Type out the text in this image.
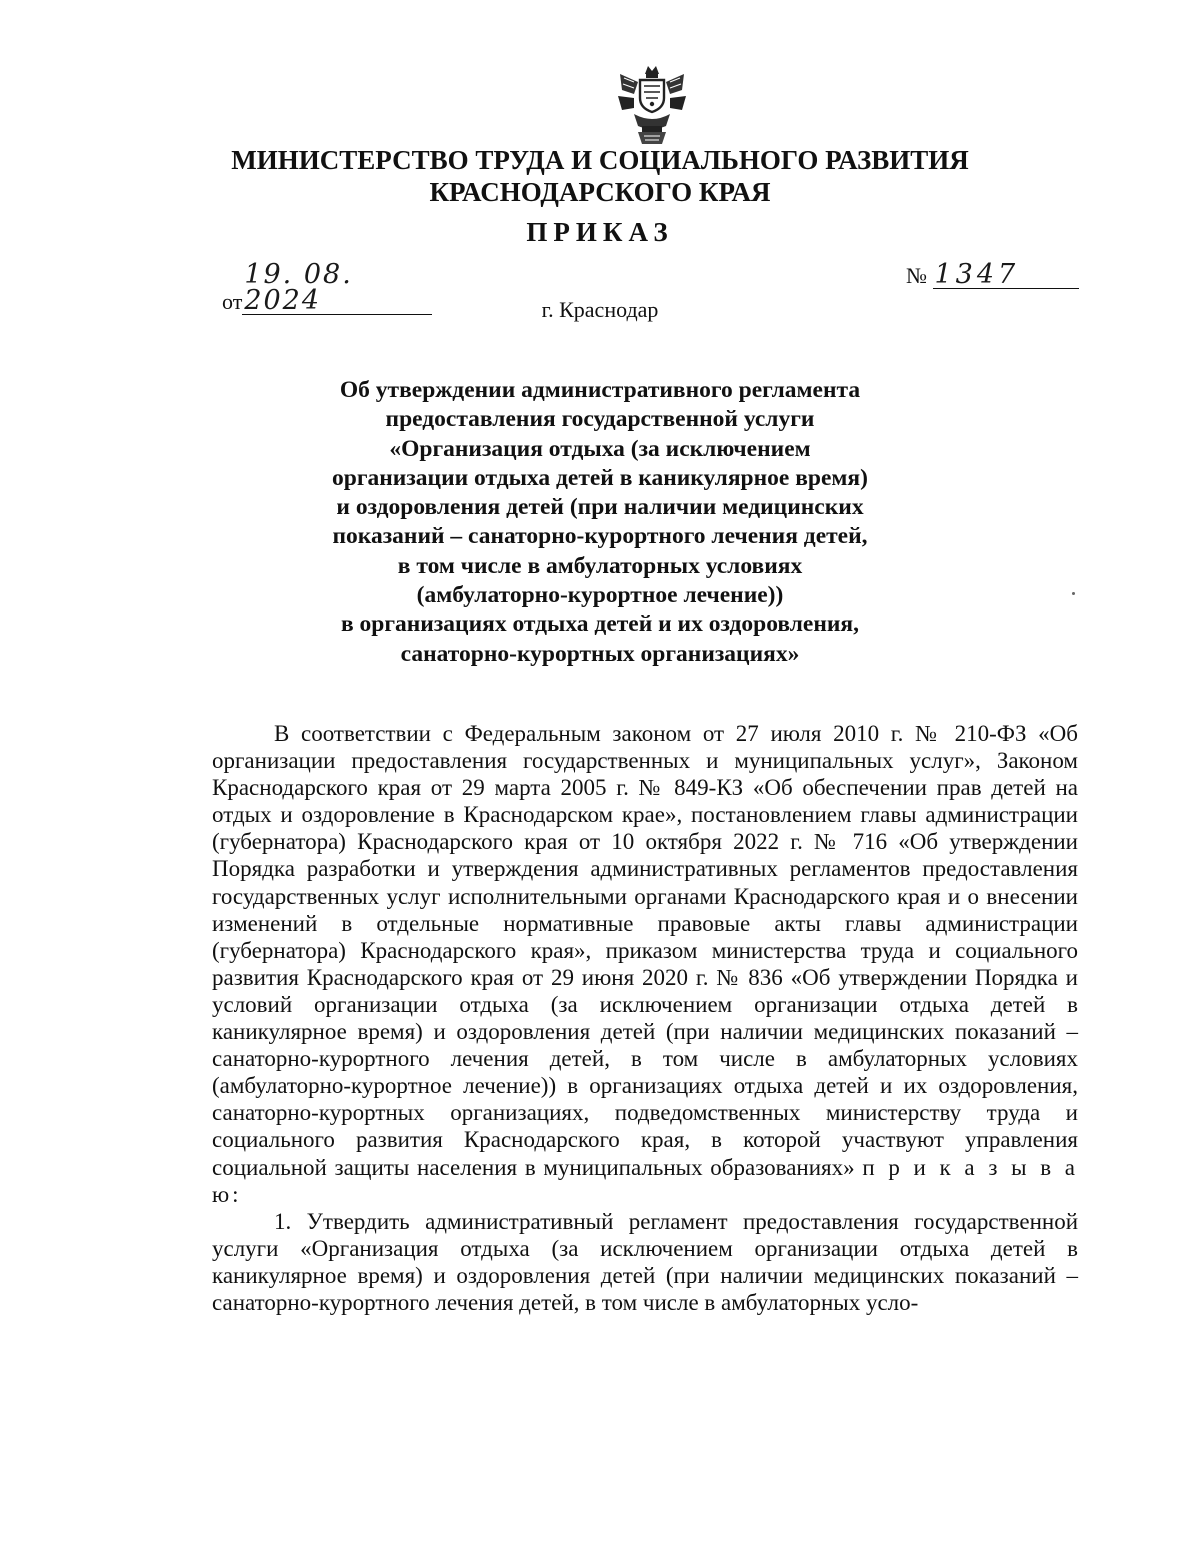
МИНИСТЕРСТВО ТРУДА И СОЦИАЛЬНОГО РАЗВИТИЯ
КРАСНОДАРСКОГО КРАЯ
ПРИКАЗ
от19. 08. 2024
№ 1347
г. Краснодар
Об утверждении административного регламента
предоставления государственной услуги
«Организация отдыха (за исключением
организации отдыха детей в каникулярное время)
и оздоровления детей (при наличии медицинских
показаний – санаторно-курортного лечения детей,
в том числе в амбулаторных условиях
(амбулаторно-курортное лечение))
в организациях отдыха детей и их оздоровления,
санаторно-курортных организациях»

В соответствии с Федеральным законом от 27 июля 2010 г. № 210-ФЗ «Об организации предоставления государственных и муниципальных услуг», Законом Краснодарского края от 29 марта 2005 г. № 849-КЗ «Об обеспечении прав детей на отдых и оздоровление в Краснодарском крае», постановлением главы администрации (губернатора) Краснодарского края от 10 октября 2022 г. № 716 «Об утверждении Порядка разработки и утверждения административных регламентов предоставления государственных услуг исполнительными органами Краснодарского края и о внесении изменений в отдельные нормативные правовые акты главы администрации (губернатора) Краснодарского края», приказом министерства труда и социального развития Краснодарского края от 29 июня 2020 г. № 836 «Об утверждении Порядка и условий организации отдыха (за исключением организации отдыха детей в каникулярное время) и оздоровления детей (при наличии медицинских показаний – санаторно-курортного лечения детей, в том числе в амбулаторных условиях (амбулаторно-курортное лечение)) в организациях отдыха детей и их оздоровления, санаторно-курортных организациях, подведомственных министерству труда и социального развития Краснодарского края, в которой участвуют управления социальной защиты населения в муниципальных образованиях» п р и к а з ы в а ю:

1. Утвердить административный регламент предоставления государственной услуги «Организация отдыха (за исключением организации отдыха детей в каникулярное время) и оздоровления детей (при наличии медицинских показаний – санаторно-курортного лечения детей, в том числе в амбулаторных усло-
